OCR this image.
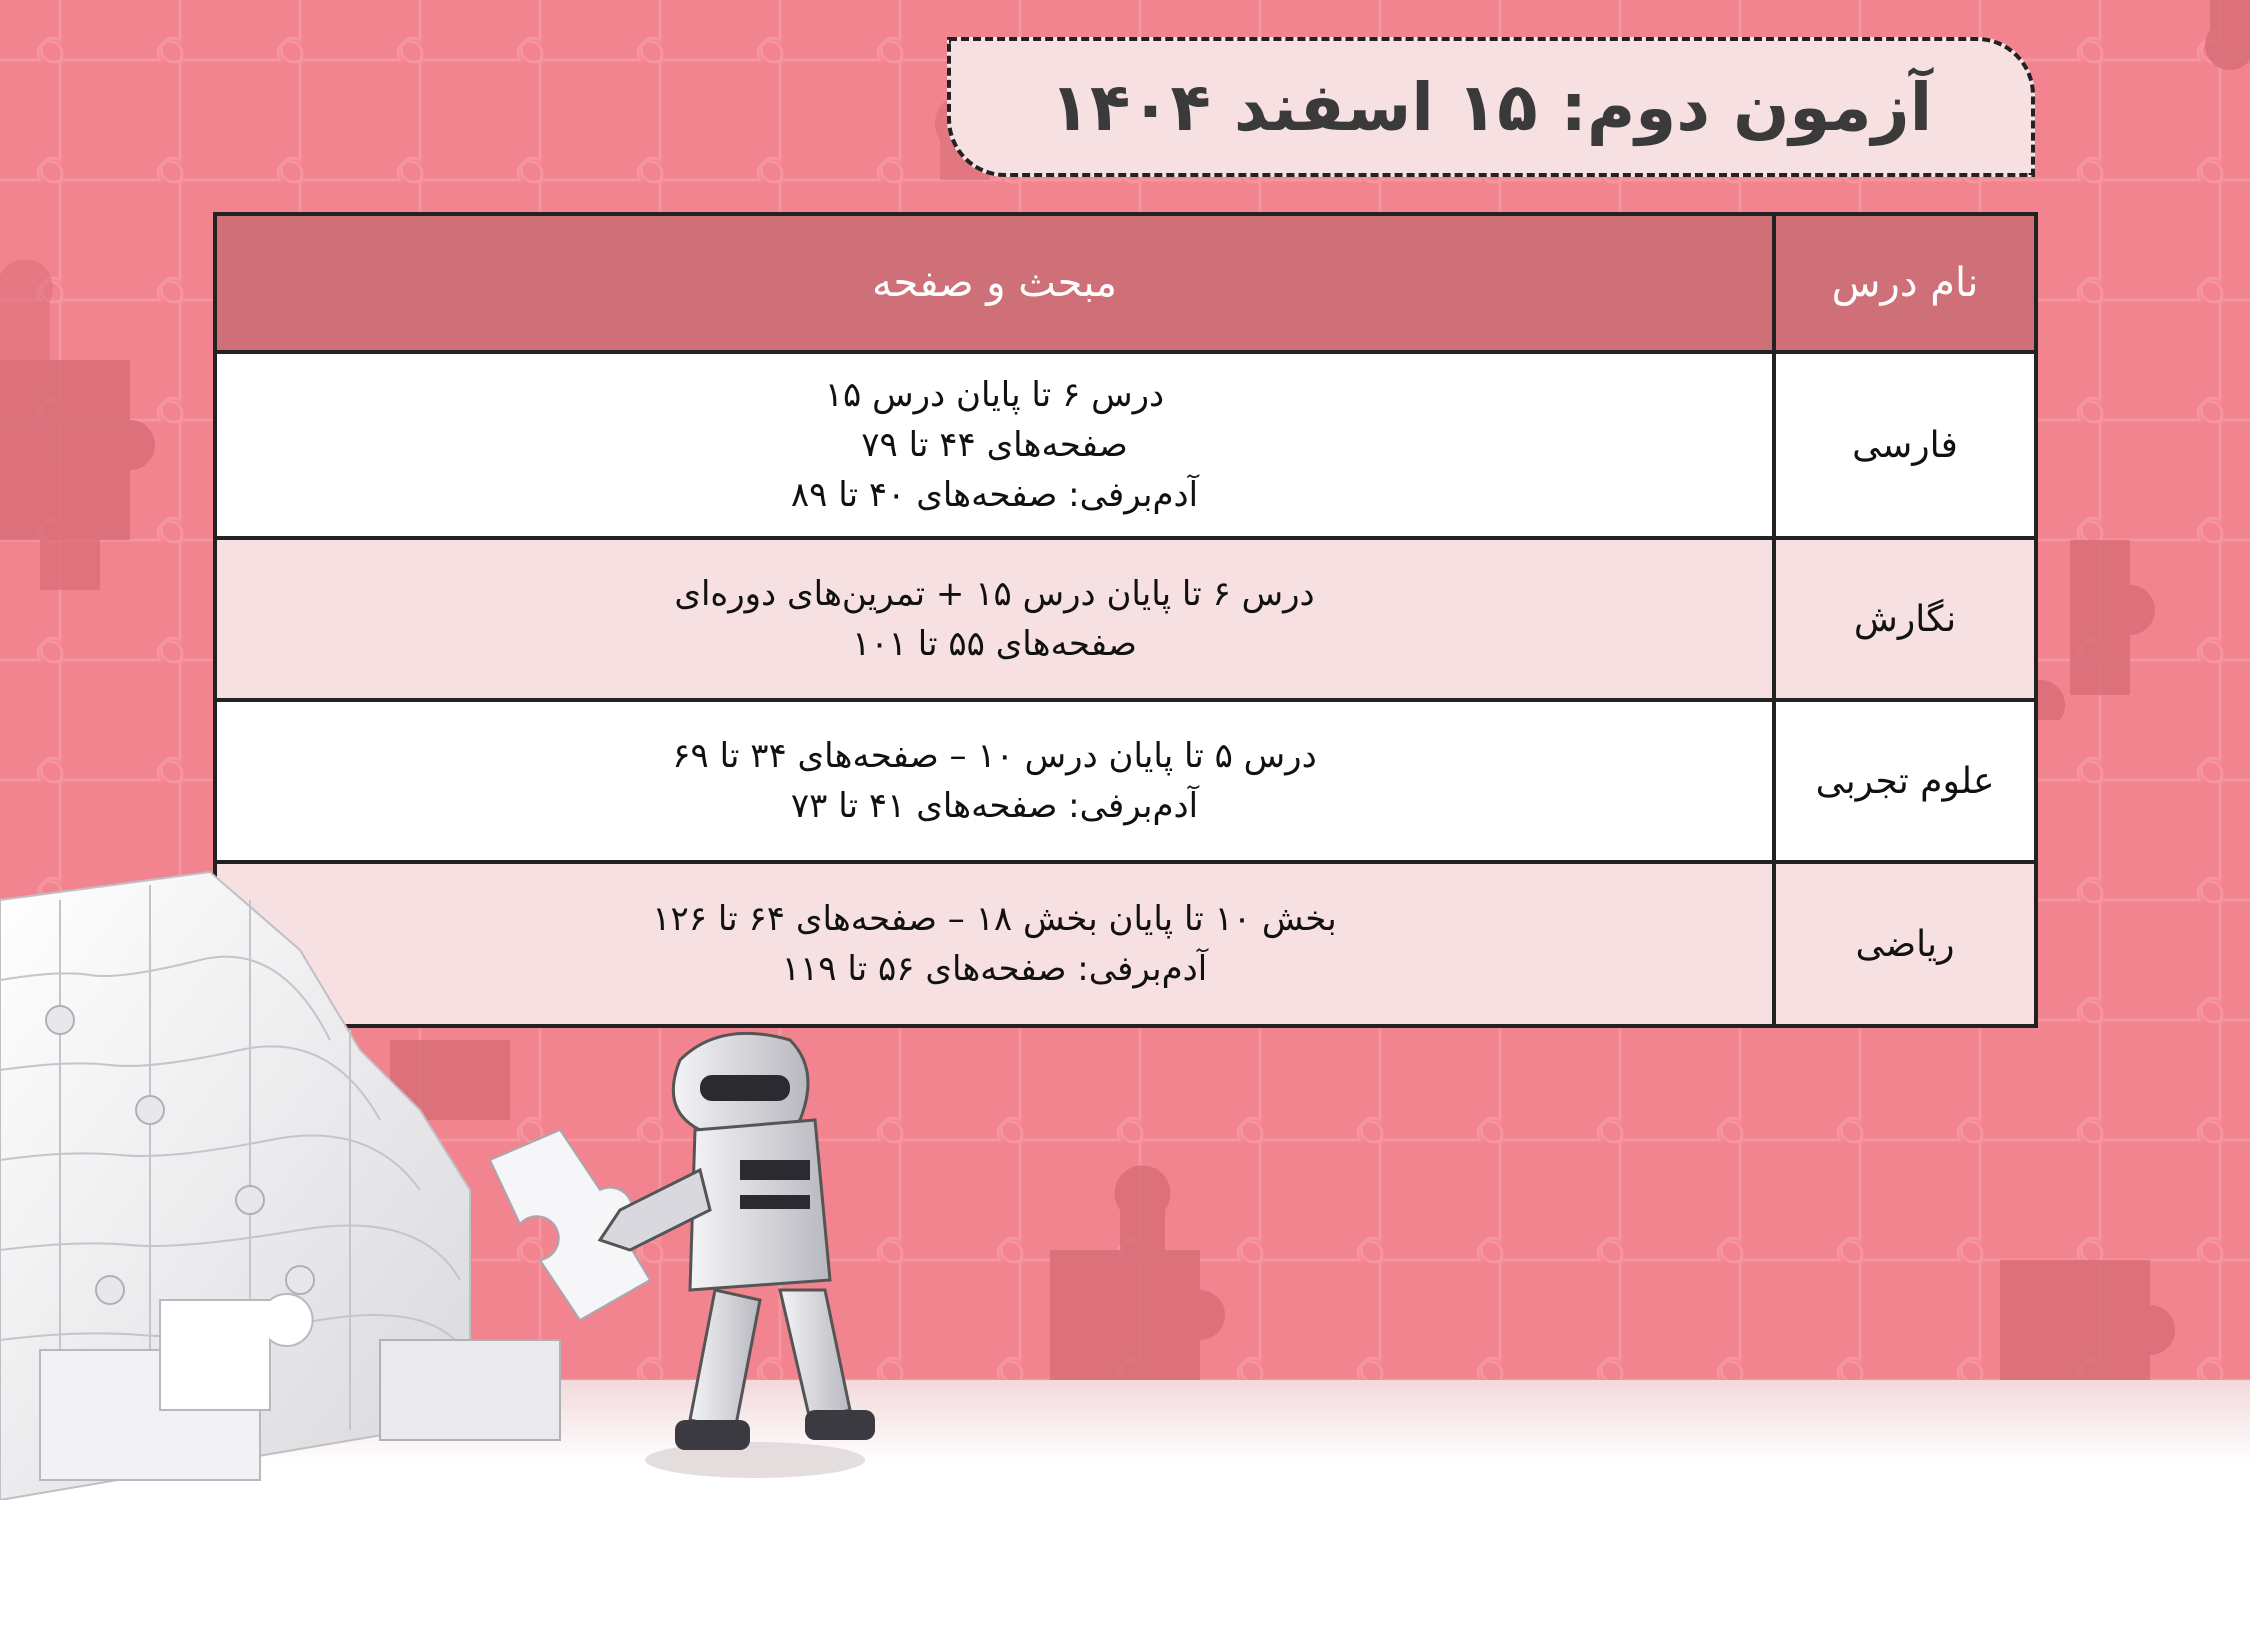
آزمون دوم: ۱۵ اسفند ۱۴۰۴
نام درس	مبحث و صفحه
فارسی	درس ۶ تا پایان درس ۱۵
صفحه‌های ۴۴ تا ۷۹
آدم‌برفی: صفحه‌های ۴۰ تا ۸۹

نگارش	درس ۶ تا پایان درس ۱۵ + تمرین‌های دوره‌ای
صفحه‌های ۵۵ تا ۱۰۱

علوم تجربی	درس ۵ تا پایان درس ۱۰ – صفحه‌های ۳۴ تا ۶۹
آدم‌برفی: صفحه‌های ۴۱ تا ۷۳

ریاضی	بخش ۱۰ تا پایان بخش ۱۸ – صفحه‌های ۶۴ تا ۱۲۶
آدم‌برفی: صفحه‌های ۵۶ تا ۱۱۹
